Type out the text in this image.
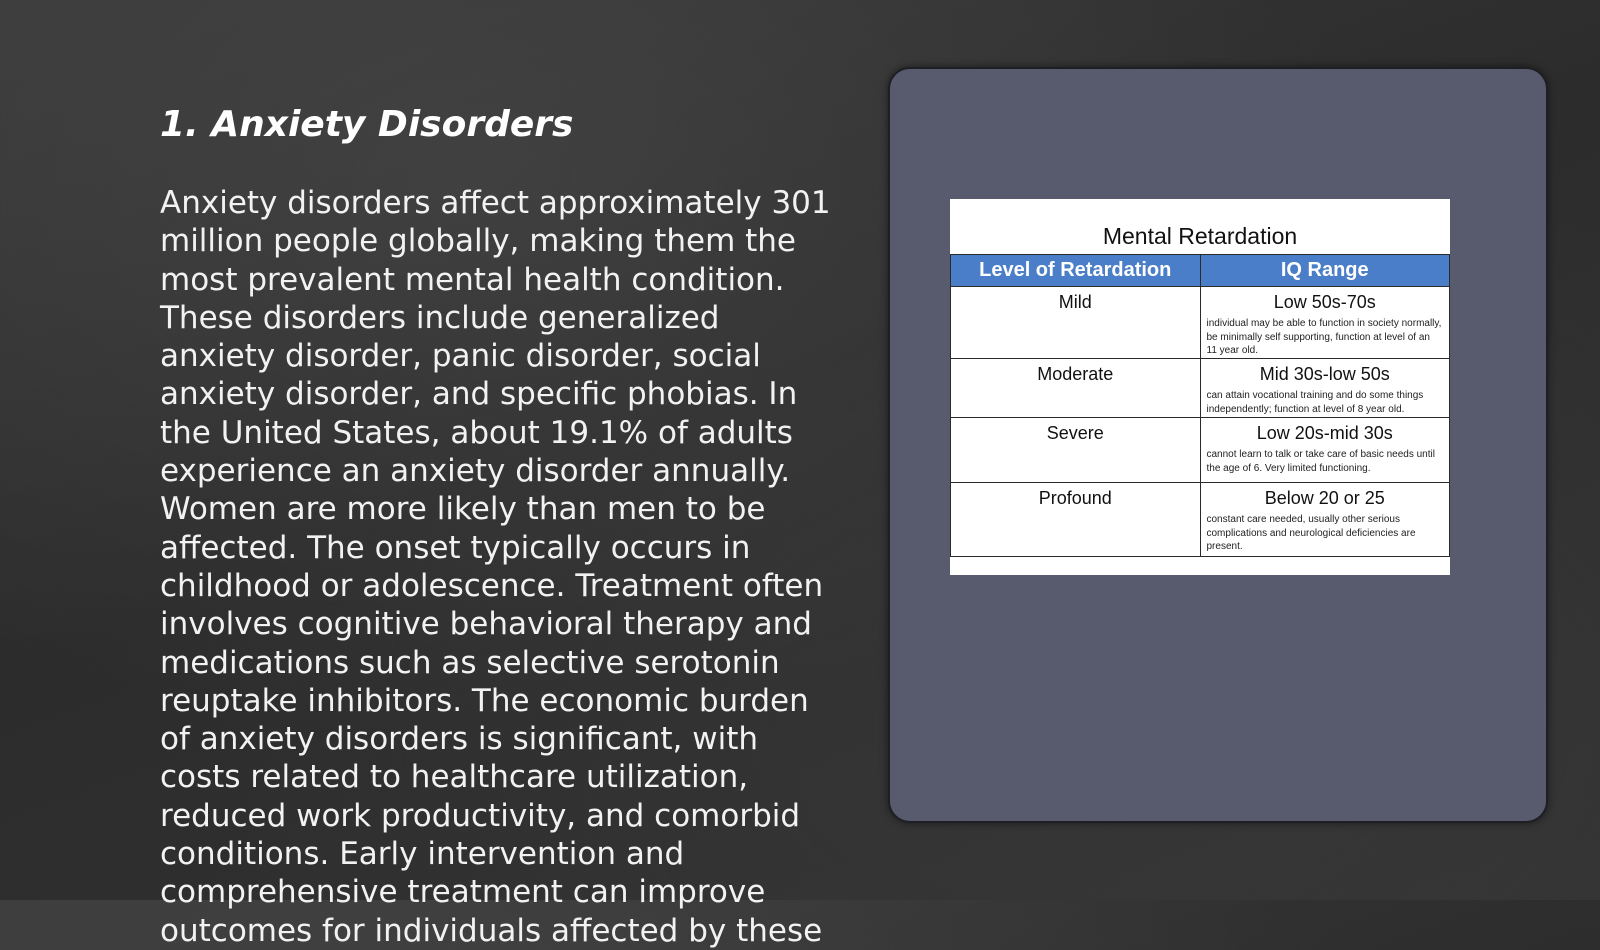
1. Anxiety Disorders

Anxiety disorders affect approximately 301 million people globally, making them the most prevalent mental health condition. These disorders include generalized anxiety disorder, panic disorder, social anxiety disorder, and specific phobias. In the United States, about 19.1% of adults experience an anxiety disorder annually. Women are more likely than men to be affected. The onset typically occurs in childhood or adolescence. Treatment often involves cognitive behavioral therapy and medications such as selective serotonin reuptake inhibitors. The economic burden of anxiety disorders is significant, with costs related to healthcare utilization, reduced work productivity, and comorbid conditions. Early intervention and comprehensive treatment can improve outcomes for individuals affected by these

Mental Retardation
Level of Retardation	IQ Range
Mild	Low 50s-70s
individual may be able to function in society normally, be minimally self supporting, function at level of an 11 year old.

Moderate	Mid 30s-low 50s
can attain vocational training and do some things independently; function at level of 8 year old.

Severe	Low 20s-mid 30s
cannot learn to talk or take care of basic needs until the age of 6. Very limited functioning.

Profound	Below 20 or 25
constant care needed, usually other serious complications and neurological deficiencies are present.
